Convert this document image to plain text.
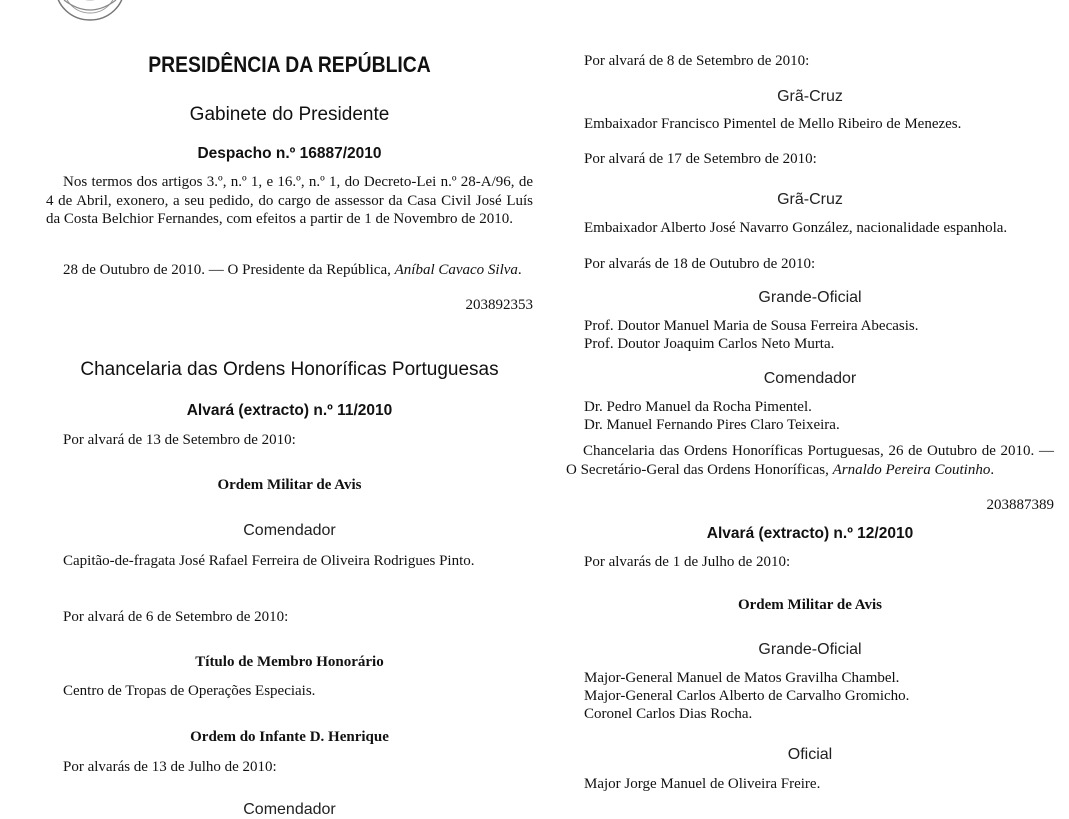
PRESIDÊNCIA DA REPÚBLICA
Gabinete do Presidente
Despacho n.º 16887/2010

Nos termos dos artigos 3.º, n.º 1, e 16.º, n.º 1, do Decreto-Lei n.º 28-A/96, de 4 de Abril, exonero, a seu pedido, do cargo de assessor da Casa Civil José Luís da Costa Belchior Fernandes, com efeitos a partir de 1 de Novembro de 2010.

28 de Outubro de 2010. — O Presidente da República, Aníbal Cavaco Silva.

203892353
Chancelaria das Ordens Honoríficas Portuguesas
Alvará (extracto) n.º 11/2010

Por alvará de 13 de Setembro de 2010:

Ordem Militar de Avis
Comendador

Capitão-de-fragata José Rafael Ferreira de Oliveira Rodrigues Pinto.

Por alvará de 6 de Setembro de 2010:

Título de Membro Honorário

Centro de Tropas de Operações Especiais.

Ordem do Infante D. Henrique

Por alvarás de 13 de Julho de 2010:

Comendador

Por alvará de 8 de Setembro de 2010:

Grã-Cruz

Embaixador Francisco Pimentel de Mello Ribeiro de Menezes.

Por alvará de 17 de Setembro de 2010:

Grã-Cruz

Embaixador Alberto José Navarro González, nacionalidade espanhola.

Por alvarás de 18 de Outubro de 2010:

Grande-Oficial

Prof. Doutor Manuel Maria de Sousa Ferreira Abecasis.

Prof. Doutor Joaquim Carlos Neto Murta.

Comendador

Dr. Pedro Manuel da Rocha Pimentel.

Dr. Manuel Fernando Pires Claro Teixeira.

Chancelaria das Ordens Honoríficas Portuguesas, 26 de Outubro de 2010. — O Secretário-Geral das Ordens Honoríficas, Arnaldo Pereira Coutinho.

203887389
Alvará (extracto) n.º 12/2010

Por alvarás de 1 de Julho de 2010:

Ordem Militar de Avis
Grande-Oficial

Major-General Manuel de Matos Gravilha Chambel.

Major-General Carlos Alberto de Carvalho Gromicho.

Coronel Carlos Dias Rocha.

Oficial

Major Jorge Manuel de Oliveira Freire.
